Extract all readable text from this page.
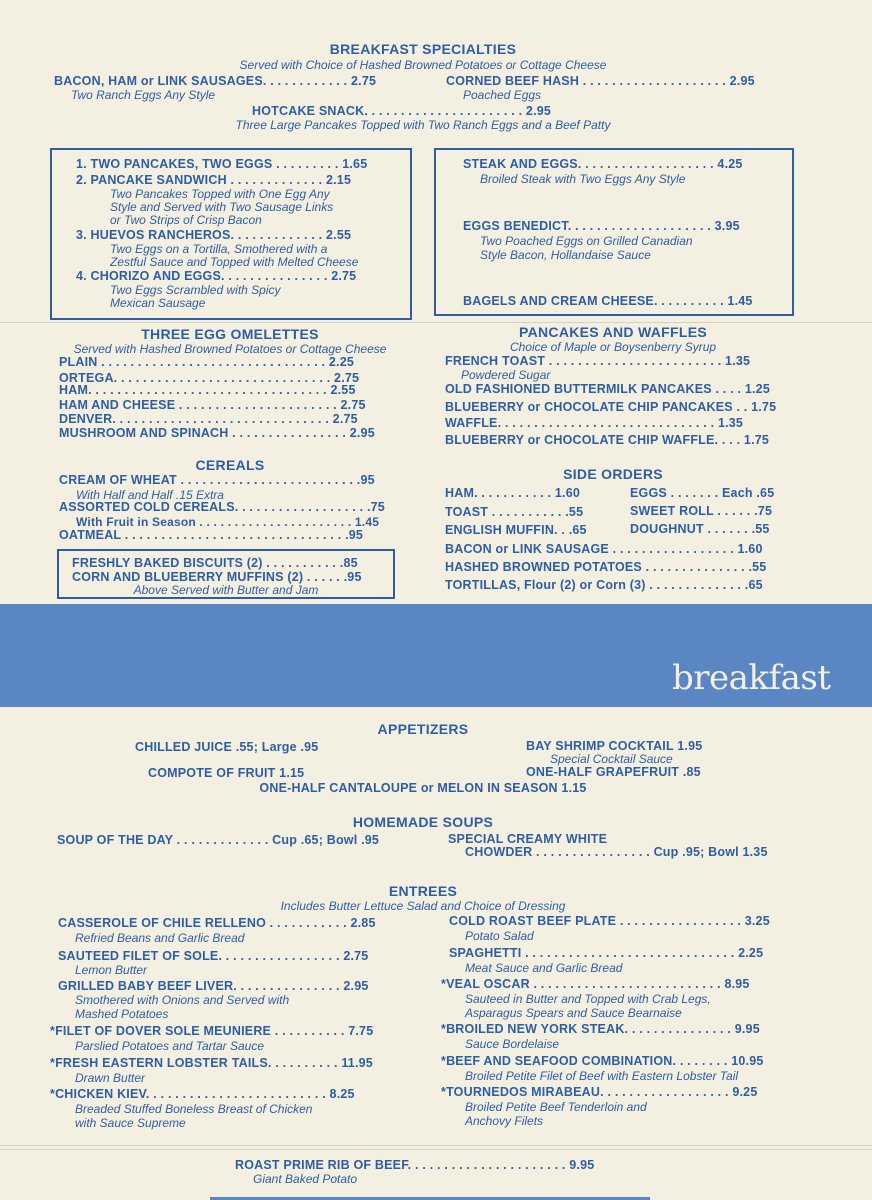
BREAKFAST SPECIALTIES
Served with Choice of Hashed Browned Potatoes or Cottage Cheese
BACON, HAM or LINK SAUSAGES. . . . . . . . . . . . 2.75
Two Ranch Eggs Any Style
CORNED BEEF HASH . . . . . . . . . . . . . . . . . . . . 2.95
Poached Eggs
HOTCAKE SNACK. . . . . . . . . . . . . . . . . . . . . . 2.95
Three Large Pancakes Topped with Two Ranch Eggs and a Beef Patty
1. TWO PANCAKES, TWO EGGS . . . . . . . . . 1.65
2. PANCAKE SANDWICH . . . . . . . . . . . . . 2.15
Two Pancakes Topped with One Egg Any
Style and Served with Two Sausage Links
or Two Strips of Crisp Bacon
3. HUEVOS RANCHEROS. . . . . . . . . . . . . 2.55
Two Eggs on a Tortilla, Smothered with a
Zestful Sauce and Topped with Melted Cheese
4. CHORIZO AND EGGS. . . . . . . . . . . . . . . 2.75
Two Eggs Scrambled with Spicy
Mexican Sausage
STEAK AND EGGS. . . . . . . . . . . . . . . . . . . 4.25
Broiled Steak with Two Eggs Any Style
EGGS BENEDICT. . . . . . . . . . . . . . . . . . . . 3.95
Two Poached Eggs on Grilled Canadian
Style Bacon, Hollandaise Sauce
BAGELS AND CREAM CHEESE. . . . . . . . . . 1.45
THREE EGG OMELETTES
Served with Hashed Browned Potatoes or Cottage Cheese
PLAIN . . . . . . . . . . . . . . . . . . . . . . . . . . . . . . . 2.25
ORTEGA. . . . . . . . . . . . . . . . . . . . . . . . . . . . . . 2.75
HAM. . . . . . . . . . . . . . . . . . . . . . . . . . . . . . . . . 2.55
HAM AND CHEESE . . . . . . . . . . . . . . . . . . . . . . 2.75
DENVER. . . . . . . . . . . . . . . . . . . . . . . . . . . . . . 2.75
MUSHROOM AND SPINACH . . . . . . . . . . . . . . . . 2.95
PANCAKES AND WAFFLES
Choice of Maple or Boysenberry Syrup
FRENCH TOAST . . . . . . . . . . . . . . . . . . . . . . . . 1.35
Powdered Sugar
OLD FASHIONED BUTTERMILK PANCAKES . . . . 1.25
BLUEBERRY or CHOCOLATE CHIP PANCAKES . . 1.75
WAFFLE. . . . . . . . . . . . . . . . . . . . . . . . . . . . . . 1.35
BLUEBERRY or CHOCOLATE CHIP WAFFLE. . . . 1.75
CEREALS
CREAM OF WHEAT . . . . . . . . . . . . . . . . . . . . . . . . .95
With Half and Half .15 Extra
ASSORTED COLD CEREALS. . . . . . . . . . . . . . . . . . .75
With Fruit in Season . . . . . . . . . . . . . . . . . . . . . . 1.45
OATMEAL . . . . . . . . . . . . . . . . . . . . . . . . . . . . . . .95
FRESHLY BAKED BISCUITS (2) . . . . . . . . . . .85
CORN AND BLUEBERRY MUFFINS (2) . . . . . .95
Above Served with Butter and Jam
SIDE ORDERS
HAM. . . . . . . . . . . 1.60	EGGS . . . . . . . Each .65
TOAST . . . . . . . . . . .55	SWEET ROLL . . . . . .75
ENGLISH MUFFIN. . .65	DOUGHNUT . . . . . . .55
BACON or LINK SAUSAGE . . . . . . . . . . . . . . . . . 1.60
HASHED BROWNED POTATOES . . . . . . . . . . . . . . .55
TORTILLAS, Flour (2) or Corn (3) . . . . . . . . . . . . . .65
breakfast
APPETIZERS
CHILLED JUICE .55; Large .95	BAY SHRIMP COCKTAIL 1.95
Special Cocktail Sauce
COMPOTE OF FRUIT 1.15	ONE-HALF GRAPEFRUIT .85
ONE-HALF CANTALOUPE or MELON IN SEASON 1.15
HOMEMADE SOUPS
SOUP OF THE DAY . . . . . . . . . . . . . Cup .65; Bowl .95	SPECIAL CREAMY WHITE
CHOWDER . . . . . . . . . . . . . . . . Cup .95; Bowl 1.35
ENTREES
Includes Butter Lettuce Salad and Choice of Dressing
CASSEROLE OF CHILE RELLENO . . . . . . . . . . . 2.85
Refried Beans and Garlic Bread
SAUTEED FILET OF SOLE. . . . . . . . . . . . . . . . . 2.75
Lemon Butter
GRILLED BABY BEEF LIVER. . . . . . . . . . . . . . . 2.95
Smothered with Onions and Served with
Mashed Potatoes
*FILET OF DOVER SOLE MEUNIERE . . . . . . . . . . 7.75
Parslied Potatoes and Tartar Sauce
*FRESH EASTERN LOBSTER TAILS. . . . . . . . . . 11.95
Drawn Butter
*CHICKEN KIEV. . . . . . . . . . . . . . . . . . . . . . . . . 8.25
Breaded Stuffed Boneless Breast of Chicken
with Sauce Supreme
COLD ROAST BEEF PLATE . . . . . . . . . . . . . . . . . 3.25
Potato Salad
SPAGHETTI . . . . . . . . . . . . . . . . . . . . . . . . . . . . . 2.25
Meat Sauce and Garlic Bread
*VEAL OSCAR . . . . . . . . . . . . . . . . . . . . . . . . . . 8.95
Sauteed in Butter and Topped with Crab Legs,
Asparagus Spears and Sauce Bearnaise
*BROILED NEW YORK STEAK. . . . . . . . . . . . . . . 9.95
Sauce Bordelaise
*BEEF AND SEAFOOD COMBINATION. . . . . . . . 10.95
Broiled Petite Filet of Beef with Eastern Lobster Tail
*TOURNEDOS MIRABEAU. . . . . . . . . . . . . . . . . . 9.25
Broiled Petite Beef Tenderloin and
Anchovy Filets
ROAST PRIME RIB OF BEEF. . . . . . . . . . . . . . . . . . . . . . 9.95
Giant Baked Potato
